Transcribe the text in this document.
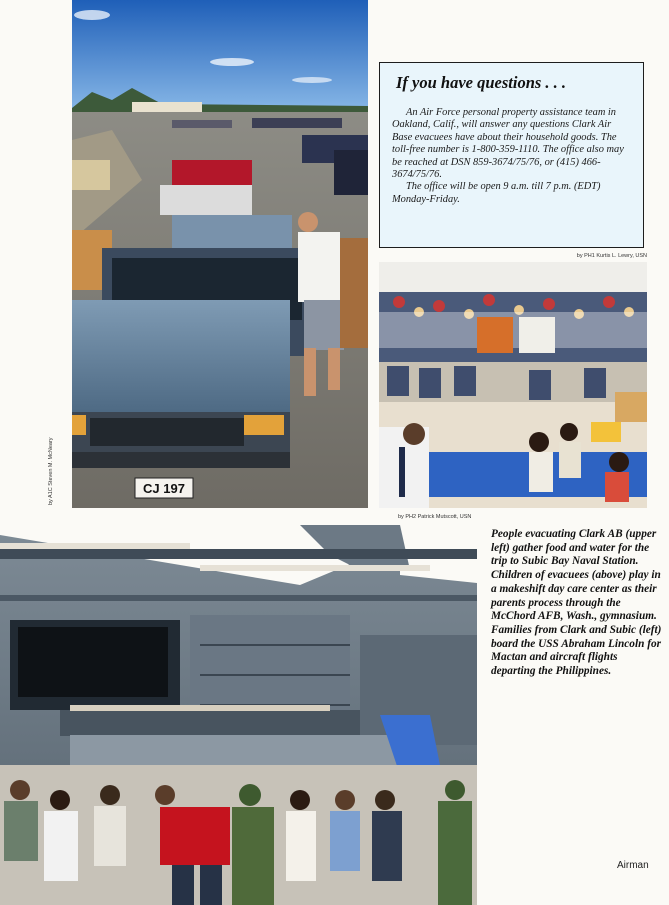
CJ 197
by A1C Steven M. McNeary
If you have questions . . .

An Air Force personal property assistance team in Oakland, Calif., will answer any questions Clark Air Base evacuees have about their household goods. The toll-free number is 1-800-359-1110. The office also may be reached at DSN 859-3674/75/76, or (415) 466-3674/75/76.

The office will be open 9 a.m. till 7 p.m. (EDT) Monday-Friday.

by PH1 Kurtis L. Lewry, USN
by PH2 Patrick Mutscott, USN

People evacuating Clark AB (upper left) gather food and water for the trip to Subic Bay Naval Station. Children of evacuees (above) play in a makeshift day care center as their parents process through the McChord AFB, Wash., gymnasium. Families from Clark and Subic (left) board the USS Abraham Lincoln for Mactan and aircraft flights departing the Philippines.

Airman
